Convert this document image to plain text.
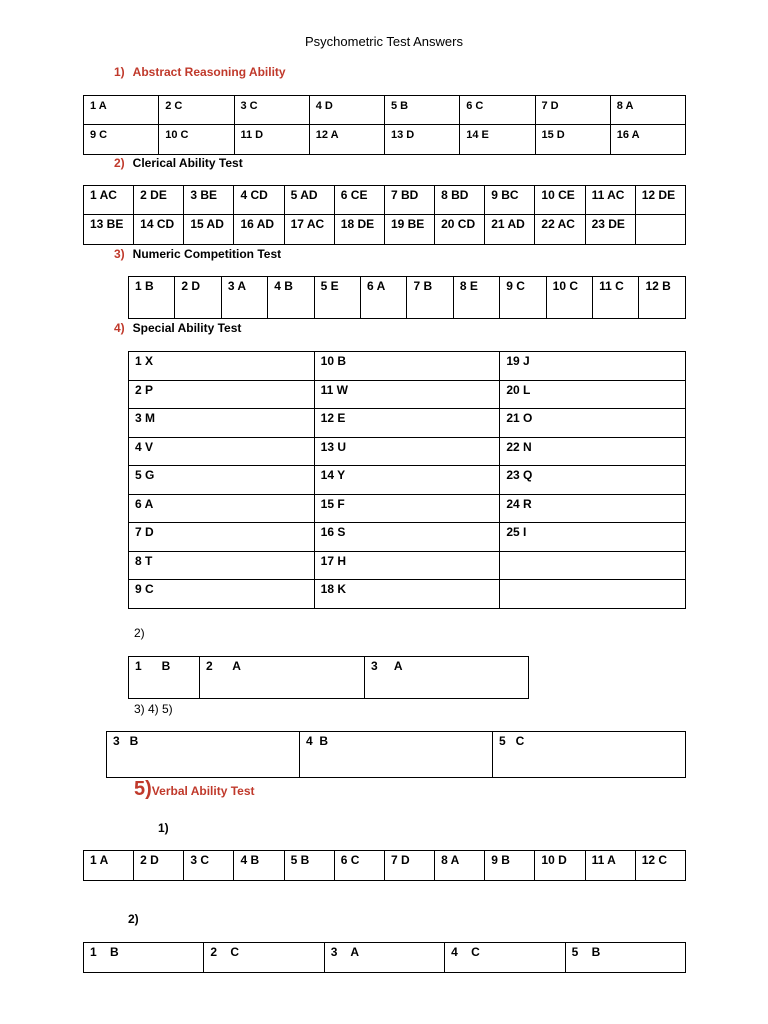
Psychometric Test Answers
1) Abstract Reasoning Ability
1 A	2 C	3 C	4 D	5 B	6 C	7 D	8 A
9 C	10 C	11 D	12 A	13 D	14 E	15 D	16 A
2) Clerical Ability Test
1 AC	2 DE	3 BE	4 CD	5 AD	6 CE	7 BD	8 BD	9 BC	10 CE	11 AC	12 DE
13 BE	14 CD	15 AD	16 AD	17 AC	18 DE	19 BE	20 CD	21 AD	22 AC	23 DE	
3) Numeric Competition Test
1 B	2 D	3 A	4 B	5 E	6 A	7 B	8 E	9 C	10 C	11 C	12 B
4) Special Ability Test
1 X	10 B	19 J
2 P	11 W	20 L
3 M	12 E	21 O
4 V	13 U	22 N
5 G	14 Y	23 Q
6 A	15 F	24 R
7 D	16 S	25 I
8 T	17 H	
9 C	18 K	
2)
1      B	2      A	3     A
3) 4) 5)
3   B	4  B	5   C
5)Verbal Ability Test
1)
1 A	2 D	3 C	4 B	5 B	6 C	7 D	8 A	9 B	10 D	11 A	12 C
2)
1    B	2    C	3    A	4    C	5    B
